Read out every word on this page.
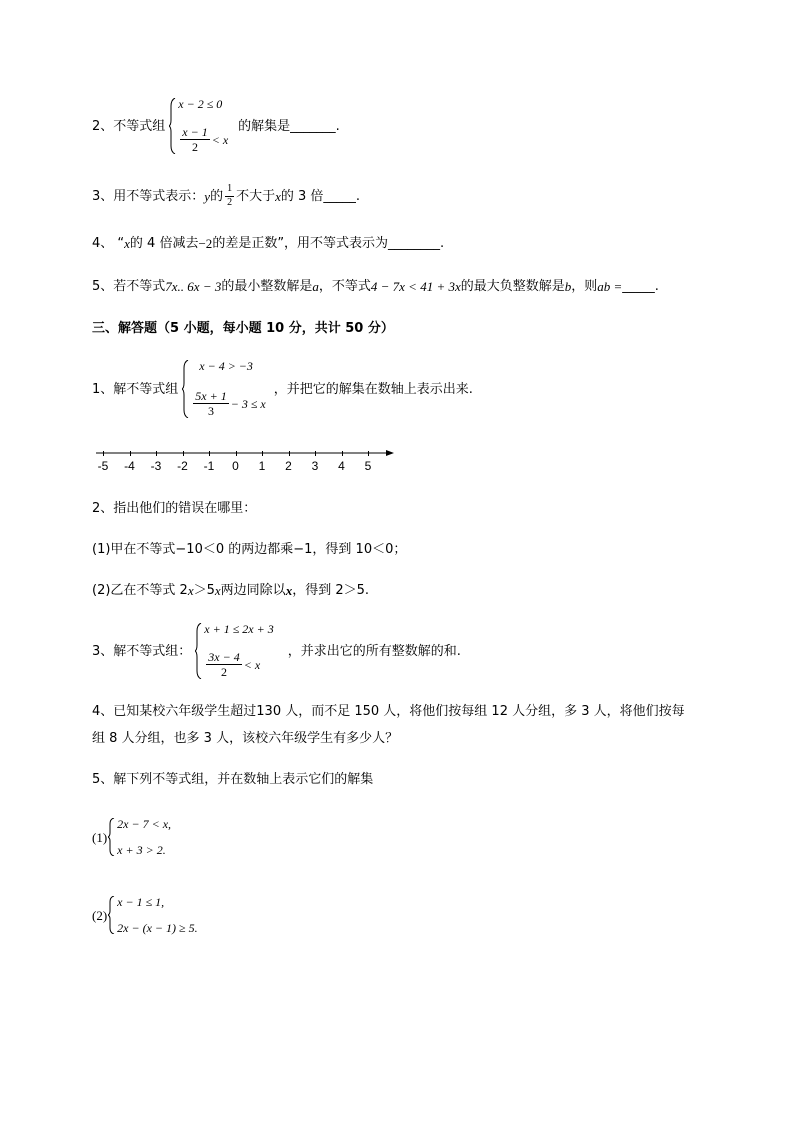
2、不等式组
x − 2 ≤ 0
$\frac{x - 1}{2} < x$
的解集是_______.
3、用不等式表示： y 的 $\frac{1}{2}$ 不大于 x 的 3 倍_____.
4、 “ x 的 4 倍减去 −2 的差是正数”，用不等式表示为________.
5、若不等式 7x.. 6x − 3 的最小整数解是 a ，不等式 4 − 7x < 41 + 3x 的最大负整数解是 b ，则 ab = _____.
三、解答题（5 小题，每小题 10 分，共计 50 分）
1、解不等式组
x − 4 > −3
$\frac{5x + 1}{3} - 3 \le x$
，并把它的解集在数轴上表示出来.
-5 -4 -3 -2 -1 0 1 2 3 4 5
2、指出他们的错误在哪里：
(1)甲在不等式−10＜0 的两边都乘−1，得到 10＜0；
(2)乙在不等式 2 x ＞5 x 两边同除以 x ，得到 2＞5.
3、解不等式组：
x + 1 ≤ 2x + 3
$\frac{3x - 4}{2} < x$
，并求出它的所有整数解的和.
4、已知某校六年级学生超过130 人，而不足 150 人，将他们按每组 12 人分组，多 3 人，将他们按每
组 8 人分组，也多 3 人，该校六年级学生有多少人？
5、解下列不等式组，并在数轴上表示它们的解集
(1)
2x − 7 < x,
x + 3 > 2.
(2)
x − 1 ≤ 1,
2x − (x − 1) ≥ 5.
